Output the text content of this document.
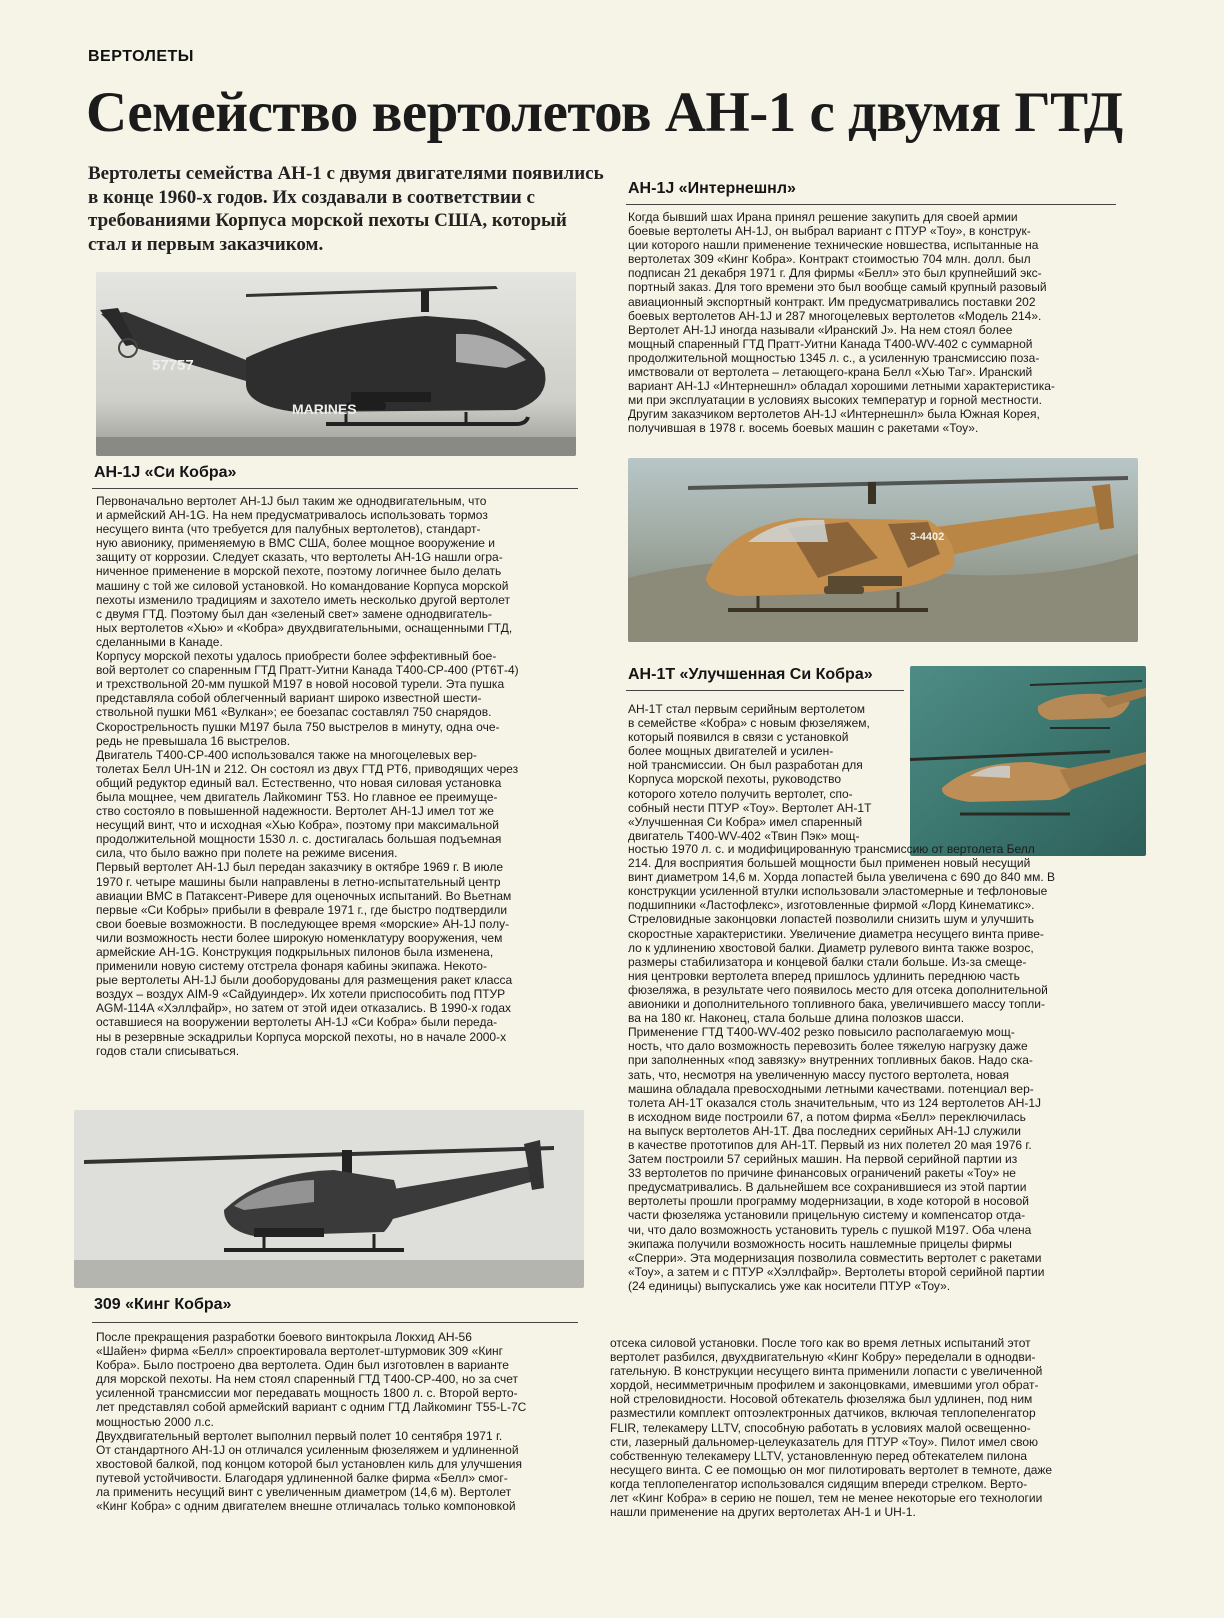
ВЕРТОЛЕТЫ
Семейство вертолетов АН-1 с двумя ГТД
Вертолеты семейства АН-1 с двумя двигателями появились в конце 1960-х годов. Их создавали в соответствии с требованиями Корпуса морской пехоты США, который стал и первым заказчиком.
57757
MARINES
АН-1J «Си Кобра»
Первоначально вертолет АН-1J был таким же однодвигательным, что
и армейский АН-1G. На нем предусматривалось использовать тормоз
несущего винта (что требуется для палубных вертолетов), стандарт-
ную авионику, применяемую в ВМС США, более мощное вооружение и
защиту от коррозии. Следует сказать, что вертолеты АН-1G нашли огра-
ниченное применение в морской пехоте, поэтому логичнее было делать
машину с той же силовой установкой. Но командование Корпуса морской
пехоты изменило традициям и захотело иметь несколько другой вертолет
с двумя ГТД. Поэтому был дан «зеленый свет» замене однодвигатель-
ных вертолетов «Хью» и «Кобра» двухдвигательными, оснащенными ГТД,
сделанными в Канаде.
Корпусу морской пехоты удалось приобрести более эффективный бое-
вой вертолет со спаренным ГТД Пратт-Уитни Канада Т400-СР-400 (РТ6Т-4)
и трехствольной 20-мм пушкой М197 в новой носовой турели. Эта пушка
представляла собой облегченный вариант широко известной шести-
ствольной пушки М61 «Вулкан»; ее боезапас составлял 750 снарядов.
Скорострельность пушки М197 была 750 выстрелов в минуту, одна оче-
редь не превышала 16 выстрелов.
Двигатель Т400-СР-400 использовался также на многоцелевых вер-
толетах Белл UH-1N и 212. Он состоял из двух ГТД РТ6, приводящих через
общий редуктор единый вал. Естественно, что новая силовая установка
была мощнее, чем двигатель Лайкоминг Т53. Но главное ее преимуще-
ство состояло в повышенной надежности. Вертолет АН-1J имел тот же
несущий винт, что и исходная «Хью Кобра», поэтому при максимальной
продолжительной мощности 1530 л. с. достигалась большая подъемная
сила, что было важно при полете на режиме висения.
Первый вертолет АН-1J был передан заказчику в октябре 1969 г. В июле
1970 г. четыре машины были направлены в летно-испытательный центр
авиации ВМС в Патаксент-Ривере для оценочных испытаний. Во Вьетнам
первые «Си Кобры» прибыли в феврале 1971 г., где быстро подтвердили
свои боевые возможности. В последующее время «морские» АН-1J полу-
чили возможность нести более широкую номенклатуру вооружения, чем
армейские АН-1G. Конструкция подкрыльных пилонов была изменена,
применили новую систему отстрела фонаря кабины экипажа. Некото-
рые вертолеты АН-1J были дооборудованы для размещения ракет класса
воздух – воздух AIM-9 «Сайдуиндер». Их хотели приспособить под ПТУР
AGM-114A «Хэллфайр», но затем от этой идеи отказались. В 1990-х годах
оставшиеся на вооружении вертолеты АН-1J «Си Кобра» были переда-
ны в резервные эскадрильи Корпуса морской пехоты, но в начале 2000-х
годов стали списываться.
309 «Кинг Кобра»
После прекращения разработки боевого винтокрыла Локхид АН-56
«Шайен» фирма «Белл» спроектировала вертолет-штурмовик 309 «Кинг
Кобра». Было построено два вертолета. Один был изготовлен в варианте
для морской пехоты. На нем стоял спаренный ГТД Т400-СР-400, но за счет
усиленной трансмиссии мог передавать мощность 1800 л. с. Второй верто-
лет представлял собой армейский вариант с одним ГТД Лайкоминг Т55-L-7С
мощностью 2000 л.с.
Двухдвигательный вертолет выполнил первый полет 10 сентября 1971 г.
От стандартного АН-1J он отличался усиленным фюзеляжем и удлиненной
хвостовой балкой, под концом которой был установлен киль для улучшения
путевой устойчивости. Благодаря удлиненной балке фирма «Белл» смог-
ла применить несущий винт с увеличенным диаметром (14,6 м). Вертолет
«Кинг Кобра» с одним двигателем внешне отличалась только компоновкой
АН-1J «Интернешнл»
Когда бывший шах Ирана принял решение закупить для своей армии
боевые вертолеты АН-1J, он выбрал вариант с ПТУР «Тоу», в конструк-
ции которого нашли применение технические новшества, испытанные на
вертолетах 309 «Кинг Кобра». Контракт стоимостью 704 млн. долл. был
подписан 21 декабря 1971 г. Для фирмы «Белл» это был крупнейший экс-
портный заказ. Для того времени это был вообще самый крупный разовый
авиационный экспортный контракт. Им предусматривались поставки 202
боевых вертолетов АН-1J и 287 многоцелевых вертолетов «Модель 214».
Вертолет АН-1J иногда называли «Иранский J». На нем стоял более
мощный спаренный ГТД Пратт-Уитни Канада Т400-WV-402 с суммарной
продолжительной мощностью 1345 л. с., а усиленную трансмиссию поза-
имствовали от вертолета – летающего-крана Белл «Хью Таг». Иранский
вариант АН-1J «Интернешнл» обладал хорошими летными характеристика-
ми при эксплуатации в условиях высоких температур и горной местности.
Другим заказчиком вертолетов АН-1J «Интернешнл» была Южная Корея,
получившая в 1978 г. восемь боевых машин с ракетами «Тоу».
3-4402
АН-1Т «Улучшенная Си Кобра»
АН-1Т стал первым серийным вертолетом
в семействе «Кобра» с новым фюзеляжем,
который появился в связи с установкой
более мощных двигателей и усилен-
ной трансмиссии. Он был разработан для
Корпуса морской пехоты, руководство
которого хотело получить вертолет, спо-
собный нести ПТУР «Тоу». Вертолет АН-1Т
«Улучшенная Си Кобра» имел спаренный
двигатель Т400-WV-402 «Твин Пэк» мощ-
ностью 1970 л. с. и модифицированную трансмиссию от вертолета Белл
214. Для восприятия большей мощности был применен новый несущий
винт диаметром 14,6 м. Хорда лопастей была увеличена с 690 до 840 мм. В
конструкции усиленной втулки использовали эластомерные и тефлоновые
подшипники «Ластофлекс», изготовленные фирмой «Лорд Кинематикс».
Стреловидные законцовки лопастей позволили снизить шум и улучшить
скоростные характеристики. Увеличение диаметра несущего винта приве-
ло к удлинению хвостовой балки. Диаметр рулевого винта также возрос,
размеры стабилизатора и концевой балки стали больше. Из-за смеще-
ния центровки вертолета вперед пришлось удлинить переднюю часть
фюзеляжа, в результате чего появилось место для отсека дополнительной
авионики и дополнительного топливного бака, увеличившего массу топли-
ва на 180 кг. Наконец, стала больше длина полозков шасси.
Применение ГТД Т400-WV-402 резко повысило располагаемую мощ-
ность, что дало возможность перевозить более тяжелую нагрузку даже
при заполненных «под завязку» внутренних топливных баков. Надо ска-
зать, что, несмотря на увеличенную массу пустого вертолета, новая
машина обладала превосходными летными качествами. потенциал вер-
толета АН-1Т оказался столь значительным, что из 124 вертолетов АН-1J
в исходном виде построили 67, а потом фирма «Белл» переключилась
на выпуск вертолетов АН-1Т. Два последних серийных АН-1J служили
в качестве прототипов для АН-1Т. Первый из них полетел 20 мая 1976 г.
Затем построили 57 серийных машин. На первой серийной партии из
33 вертолетов по причине финансовых ограничений ракеты «Тоу» не
предусматривались. В дальнейшем все сохранившиеся из этой партии
вертолеты прошли программу модернизации, в ходе которой в носовой
части фюзеляжа установили прицельную систему и компенсатор отда-
чи, что дало возможность установить турель с пушкой М197. Оба члена
экипажа получили возможность носить нашлемные прицелы фирмы
«Сперри». Эта модернизация позволила совместить вертолет с ракетами
«Тоу», а затем и с ПТУР «Хэллфайр». Вертолеты второй серийной партии
(24 единицы) выпускались уже как носители ПТУР «Тоу».
отсека силовой установки. После того как во время летных испытаний этот
вертолет разбился, двухдвигательную «Кинг Кобру» переделали в однодви-
гательную. В конструкции несущего винта применили лопасти с увеличенной
хордой, несимметричным профилем и законцовками, имевшими угол обрат-
ной стреловидности. Носовой обтекатель фюзеляжа был удлинен, под ним
разместили комплект оптоэлектронных датчиков, включая теплопеленгатор
FLIR, телекамеру LLTV, способную работать в условиях малой освещенно-
сти, лазерный дальномер-целеуказатель для ПТУР «Тоу». Пилот имел свою
собственную телекамеру LLTV, установленную перед обтекателем пилона
несущего винта. С ее помощью он мог пилотировать вертолет в темноте, даже
когда теплопеленгатор использовался сидящим впереди стрелком. Верто-
лет «Кинг Кобра» в серию не пошел, тем не менее некоторые его технологии
нашли применение на других вертолетах АН-1 и UH-1.
